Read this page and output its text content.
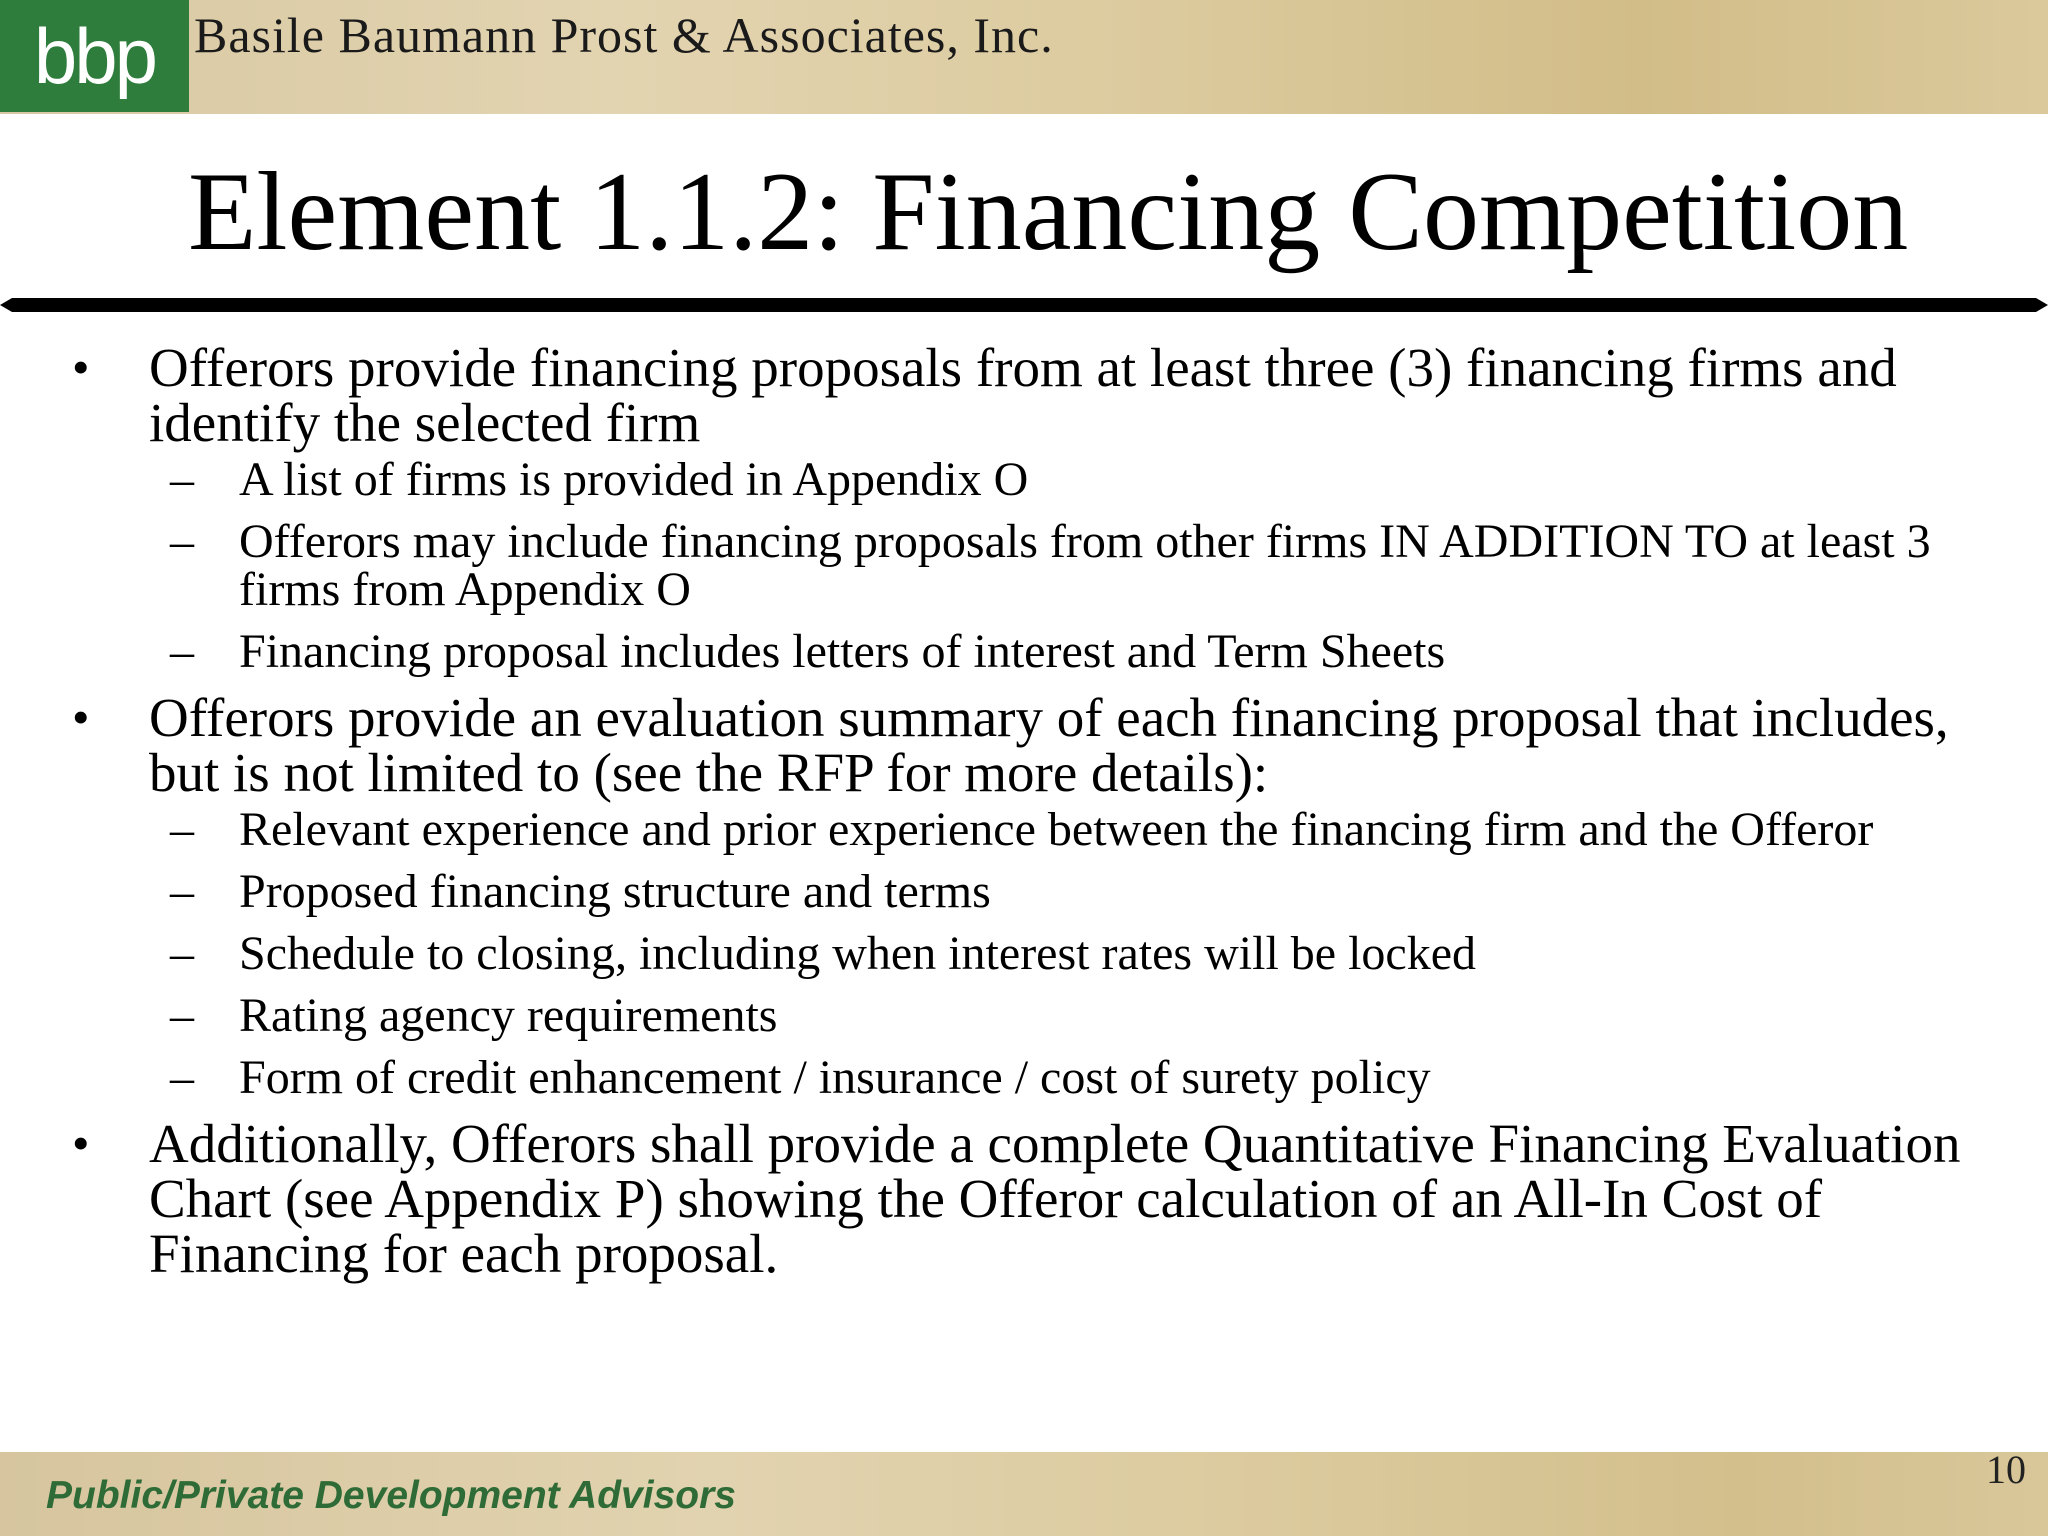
bbp Basile Baumann Prost & Associates, Inc.
Element 1.1.2: Financing Competition
• Offerors provide financing proposals from at least three (3) financing firms and identify the selected firm
– A list of firms is provided in Appendix O
– Offerors may include financing proposals from other firms IN ADDITION TO at least 3 firms from Appendix O
– Financing proposal includes letters of interest and Term Sheets
• Offerors provide an evaluation summary of each financing proposal that includes, but is not limited to (see the RFP for more details):
– Relevant experience and prior experience between the financing firm and the Offeror
– Proposed financing structure and terms
– Schedule to closing, including when interest rates will be locked
– Rating agency requirements
– Form of credit enhancement / insurance / cost of surety policy
• Additionally, Offerors shall provide a complete Quantitative Financing Evaluation Chart (see Appendix P) showing the Offeror calculation of an All-In Cost of Financing for each proposal.
Public/Private Development Advisors
10
